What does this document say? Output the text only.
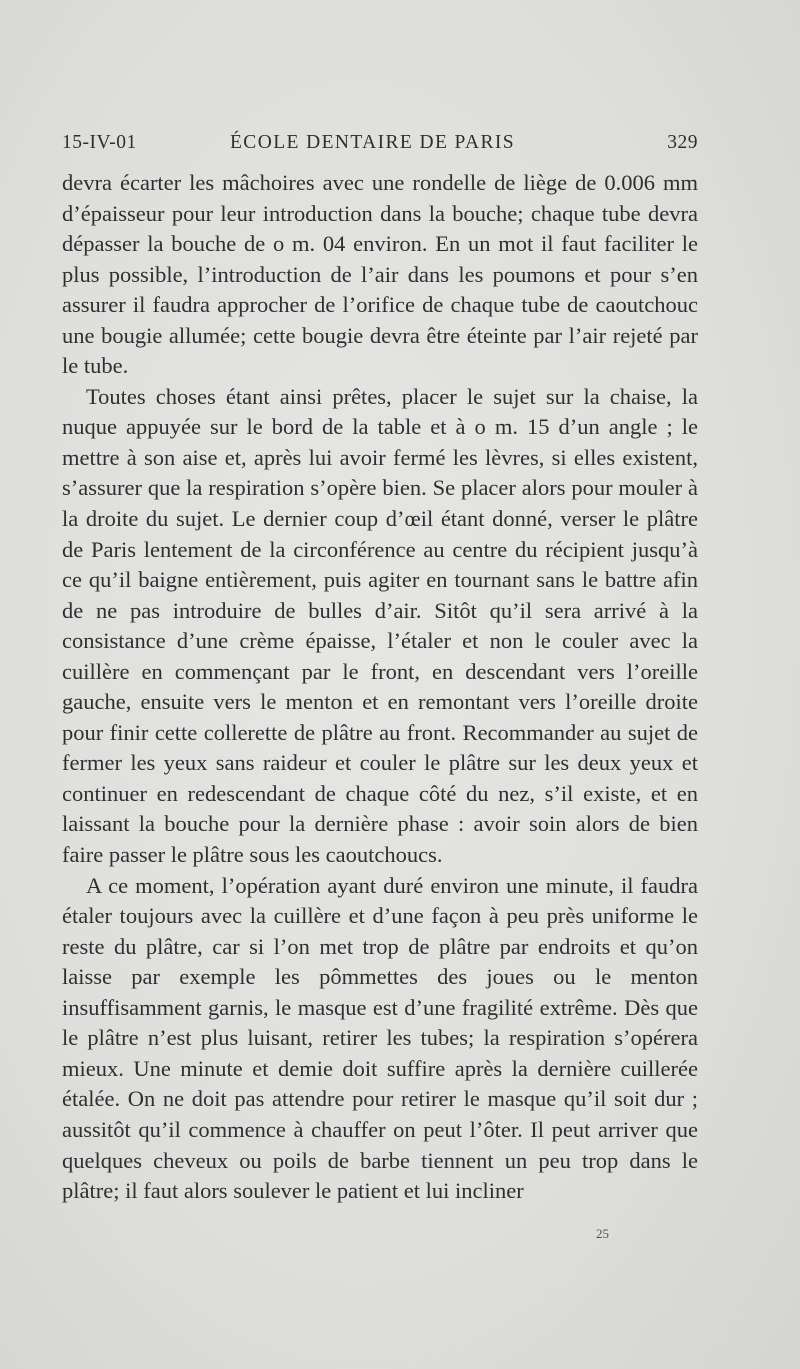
15-IV-01	ÉCOLE DENTAIRE DE PARIS	329

devra écarter les mâchoires avec une rondelle de liège de 0.006 mm d’épaisseur pour leur introduction dans la bouche; chaque tube devra dépasser la bouche de o m. 04 environ. En un mot il faut faciliter le plus possible, l’introduction de l’air dans les poumons et pour s’en assurer il faudra approcher de l’orifice de chaque tube de caoutchouc une bougie allumée; cette bougie devra être éteinte par l’air rejeté par le tube.

Toutes choses étant ainsi prêtes, placer le sujet sur la chaise, la nuque appuyée sur le bord de la table et à o m. 15 d’un angle ; le mettre à son aise et, après lui avoir fermé les lèvres, si elles existent, s’assurer que la respiration s’opère bien. Se placer alors pour mouler à la droite du sujet. Le dernier coup d’œil étant donné, verser le plâtre de Paris lentement de la circonférence au centre du récipient jusqu’à ce qu’il baigne entièrement, puis agiter en tournant sans le battre afin de ne pas introduire de bulles d’air. Sitôt qu’il sera arrivé à la consistance d’une crème épaisse, l’étaler et non le couler avec la cuillère en commençant par le front, en descendant vers l’oreille gauche, ensuite vers le menton et en remontant vers l’oreille droite pour finir cette collerette de plâtre au front. Recommander au sujet de fermer les yeux sans raideur et couler le plâtre sur les deux yeux et continuer en redescendant de chaque côté du nez, s’il existe, et en laissant la bouche pour la dernière phase : avoir soin alors de bien faire passer le plâtre sous les caoutchoucs.

A ce moment, l’opération ayant duré environ une minute, il faudra étaler toujours avec la cuillère et d’une façon à peu près uniforme le reste du plâtre, car si l’on met trop de plâtre par endroits et qu’on laisse par exemple les pômmettes des joues ou le menton insuffisamment garnis, le masque est d’une fragilité extrême. Dès que le plâtre n’est plus luisant, retirer les tubes; la respiration s’opérera mieux. Une minute et demie doit suffire après la dernière cuillerée étalée. On ne doit pas attendre pour retirer le masque qu’il soit dur ; aussitôt qu’il commence à chauffer on peut l’ôter. Il peut arriver que quelques cheveux ou poils de barbe tiennent un peu trop dans le plâtre; il faut alors soulever le patient et lui incliner

25
